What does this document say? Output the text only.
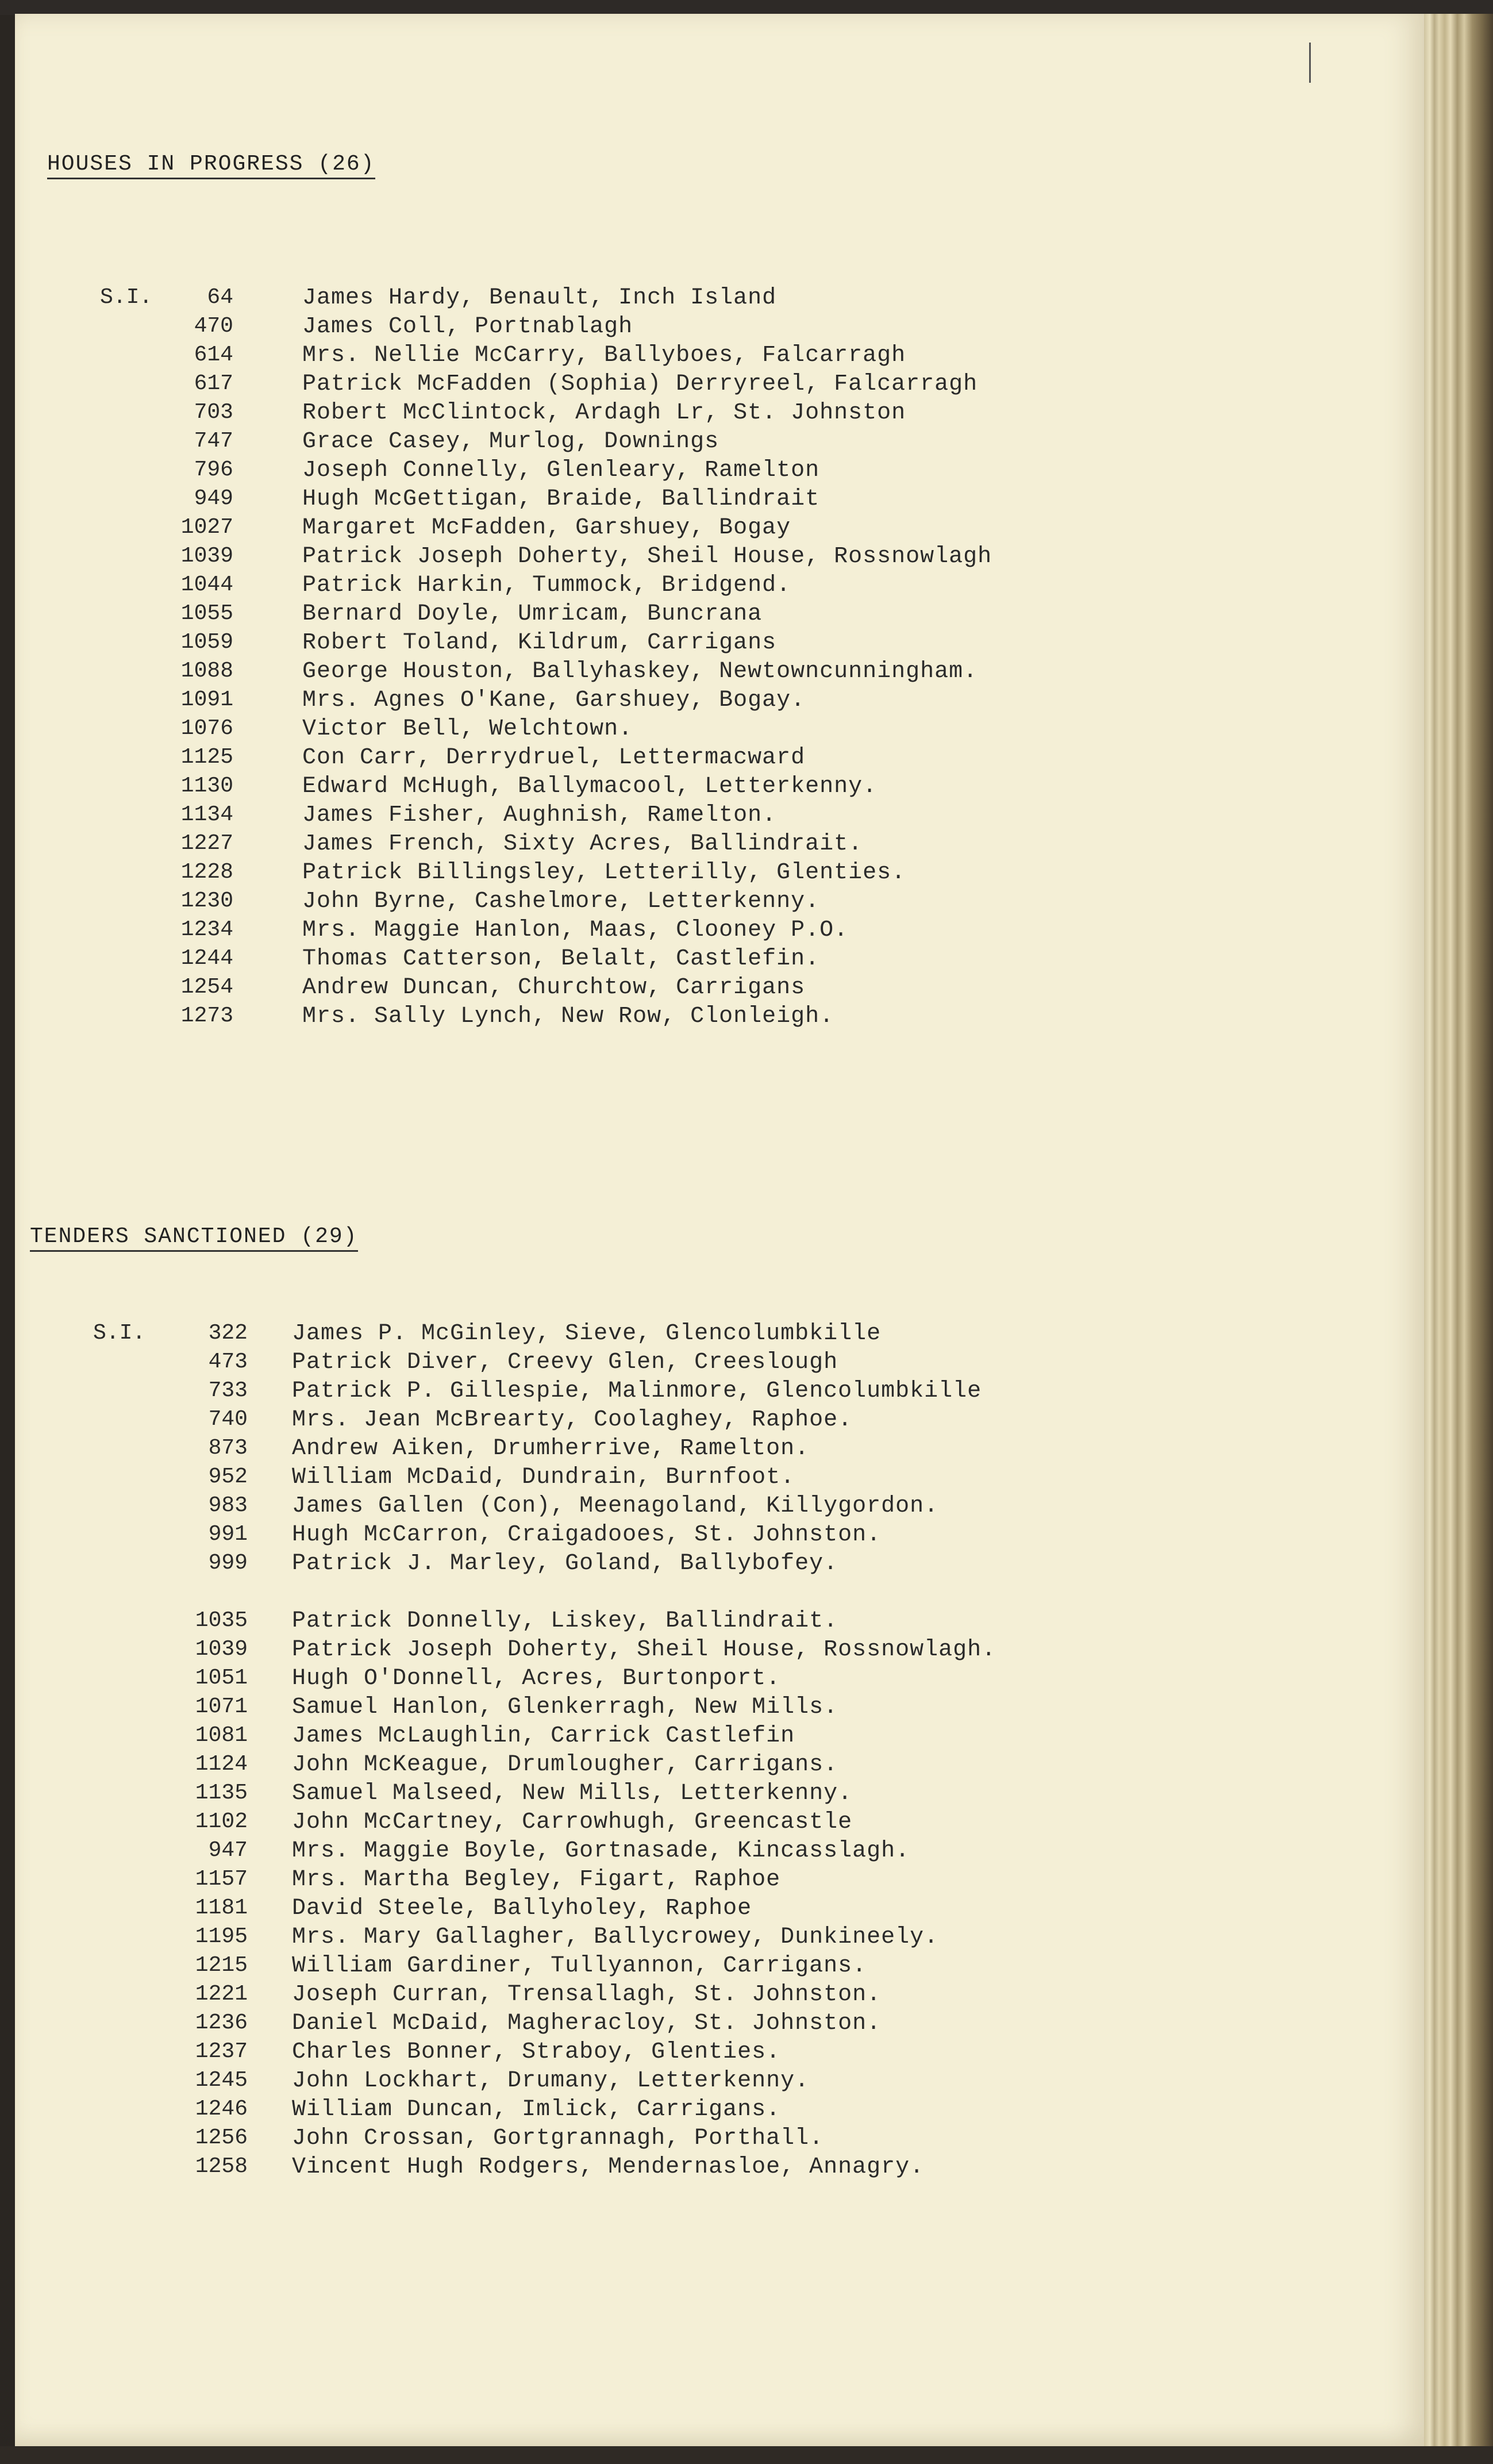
HOUSES IN PROGRESS (26)
S.I.	64	James Hardy, Benault, Inch Island
470	James Coll, Portnablagh
614	Mrs. Nellie McCarry, Ballyboes, Falcarragh
617	Patrick McFadden (Sophia) Derryreel, Falcarragh
703	Robert McClintock, Ardagh Lr, St. Johnston
747	Grace Casey, Murlog, Downings
796	Joseph Connelly, Glenleary, Ramelton
949	Hugh McGettigan, Braide, Ballindrait
1027	Margaret McFadden, Garshuey, Bogay
1039	Patrick Joseph Doherty, Sheil House, Rossnowlagh
1044	Patrick Harkin, Tummock, Bridgend.
1055	Bernard Doyle, Umricam, Buncrana
1059	Robert Toland, Kildrum, Carrigans
1088	George Houston, Ballyhaskey, Newtowncunningham.
1091	Mrs. Agnes O'Kane, Garshuey, Bogay.
1076	Victor Bell, Welchtown.
1125	Con Carr, Derrydruel, Lettermacward
1130	Edward McHugh, Ballymacool, Letterkenny.
1134	James Fisher, Aughnish, Ramelton.
1227	James French, Sixty Acres, Ballindrait.
1228	Patrick Billingsley, Letterilly, Glenties.
1230	John Byrne, Cashelmore, Letterkenny.
1234	Mrs. Maggie Hanlon, Maas, Clooney P.O.
1244	Thomas Catterson, Belalt, Castlefin.
1254	Andrew Duncan, Churchtow, Carrigans
1273	Mrs. Sally Lynch, New Row, Clonleigh.
TENDERS SANCTIONED (29)
S.I.	322 James P. McGinley, Sieve, Glencolumbkille
473 Patrick Diver, Creevy Glen, Creeslough
733 Patrick P. Gillespie, Malinmore, Glencolumbkille
740 Mrs. Jean McBrearty, Coolaghey, Raphoe.
873 Andrew Aiken, Drumherrive, Ramelton.
952 William McDaid, Dundrain, Burnfoot.
983 James Gallen (Con), Meenagoland, Killygordon.
991 Hugh McCarron, Craigadooes, St. Johnston.
999 Patrick J. Marley, Goland, Ballybofey.
1035 Patrick Donnelly, Liskey, Ballindrait.
1039 Patrick Joseph Doherty, Sheil House, Rossnowlagh.
1051 Hugh O'Donnell, Acres, Burtonport.
1071 Samuel Hanlon, Glenkerragh, New Mills.
1081 James McLaughlin, Carrick Castlefin
1124 John McKeague, Drumlougher, Carrigans.
1135 Samuel Malseed, New Mills, Letterkenny.
1102 John McCartney, Carrowhugh, Greencastle
947 Mrs. Maggie Boyle, Gortnasade, Kincasslagh.
1157 Mrs. Martha Begley, Figart, Raphoe
1181 David Steele, Ballyholey, Raphoe
1195 Mrs. Mary Gallagher, Ballycrowey, Dunkineely.
1215 William Gardiner, Tullyannon, Carrigans.
1221 Joseph Curran, Trensallagh, St. Johnston.
1236 Daniel McDaid, Magheracloy, St. Johnston.
1237 Charles Bonner, Straboy, Glenties.
1245 John Lockhart, Drumany, Letterkenny.
1246 William Duncan, Imlick, Carrigans.
1256 John Crossan, Gortgrannagh, Porthall.
1258 Vincent Hugh Rodgers, Mendernasloe, Annagry.
